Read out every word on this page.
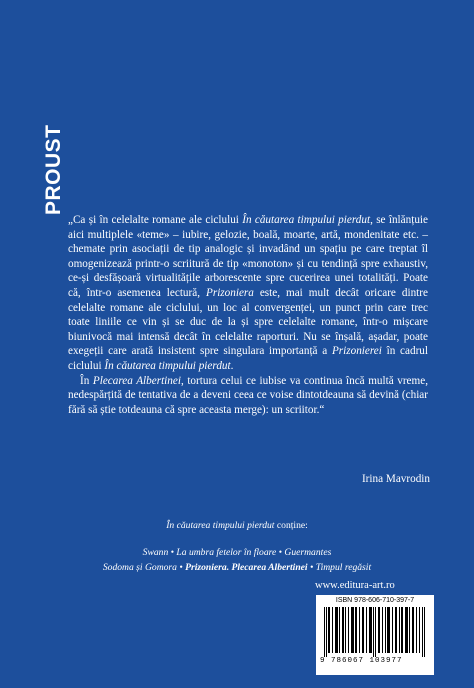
PROUST

„Ca și în celelalte romane ale ciclului În căutarea timpului pierdut, se înlănțuie aici multiplele «teme» – iubire, gelozie, boală, moarte, artă, mondenitate etc. – chemate prin asociații de tip analogic și invadând un spațiu pe care treptat îl omogenizează printr-o scriitură de tip «monoton» și cu tendință spre exhaustiv, ce-și desfășoară virtualitățile arborescente spre cucerirea unei totalități. Poate că, într-o asemenea lectură, Prizoniera este, mai mult decât oricare dintre celelalte romane ale ciclului, un loc al convergenței, un punct prin care trec toate liniile ce vin și se duc de la și spre celelalte romane, într-o mișcare biunivocă mai intensă decât în celelalte raporturi. Nu se înșală, așadar, poate exegeții care arată insistent spre singulara importanță a Prizonierei în cadrul ciclului În căutarea timpului pierdut.

În Plecarea Albertinei, tortura celui ce iubise va continua încă multă vreme, nedespărțită de tentativa de a deveni ceea ce voise dintotdeauna să devină (chiar fără să știe totdeauna că spre aceasta merge): un scriitor.“

Irina Mavrodin
În căutarea timpului pierdut conține:
Swann • La umbra fetelor în floare • Guermantes
Sodoma și Gomora • Prizoniera. Plecarea Albertinei • Timpul regăsit
www.editura-art.ro
ISBN 978-606-710-397-7
9 786067 103977
